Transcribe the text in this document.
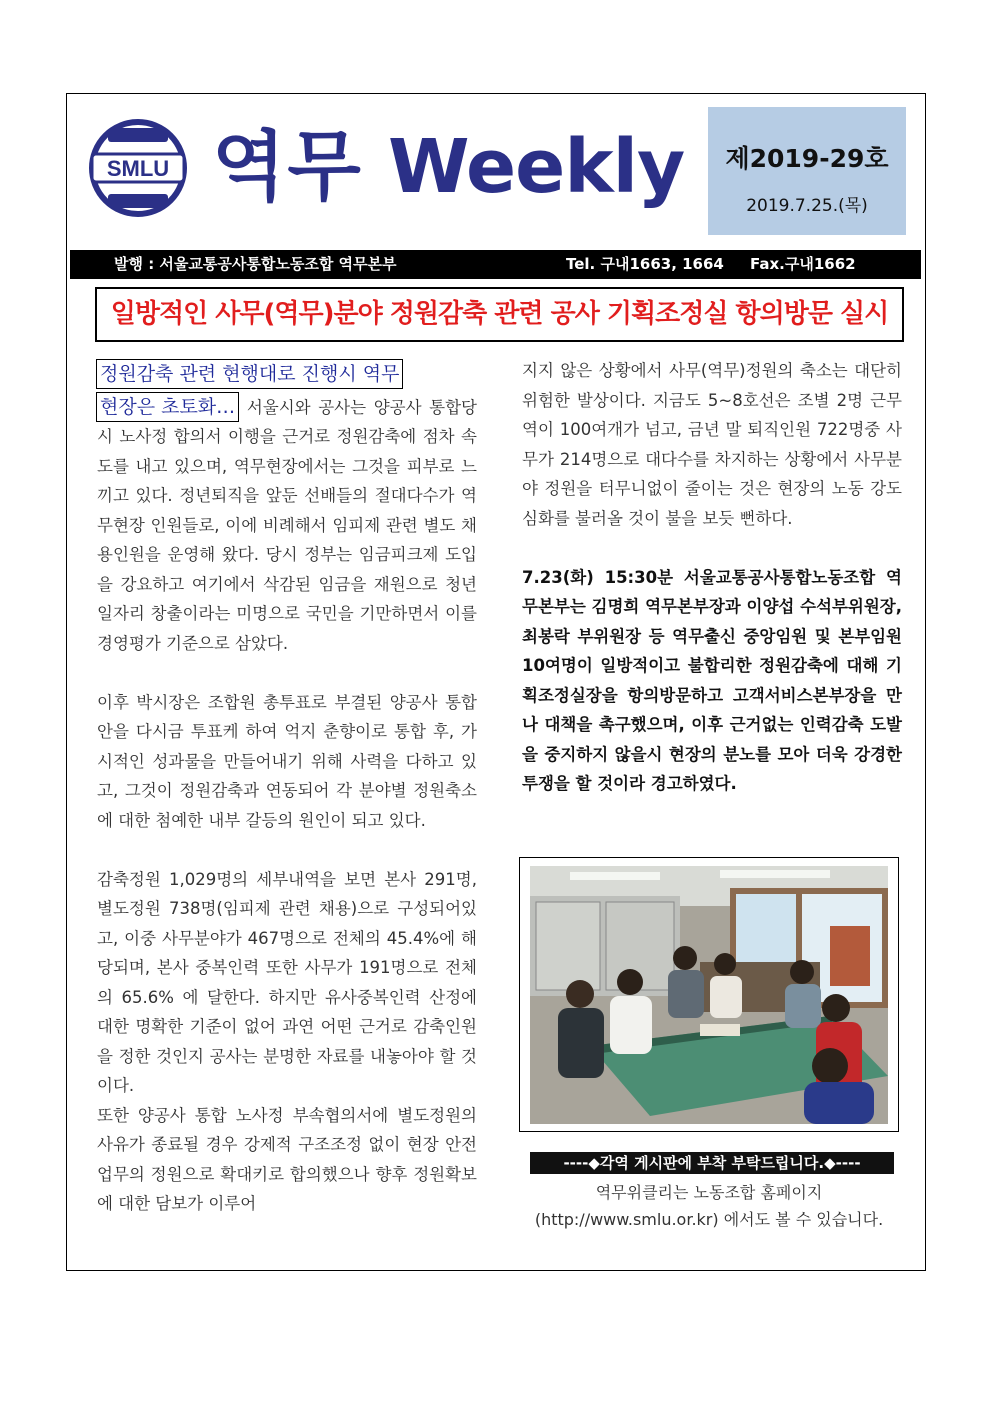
SMLU 역무 Weekly	제2019-29호
2019.7.25.(목)
발행 : 서울교통공사통합노동조합 역무본부	Tel. 구내1663, 1664     Fax.구내1662
일방적인 사무(역무)분야 정원감축 관련 공사 기획조정실 항의방문 실시
정원감축 관련 현행대로 진행시 역무
현장은 초토화… 서울시와 공사는 양공사 통합당시 노사정 합의서 이행을 근거로 정원감축에 점차 속도를 내고 있으며, 역무현장에서는 그것을 피부로 느끼고 있다. 정년퇴직을 앞둔 선배들의 절대다수가 역무현장 인원들로, 이에 비례해서 임피제 관련 별도 채용인원을 운영해 왔다. 당시 정부는 임금피크제 도입을 강요하고 여기에서 삭감된 임금을 재원으로 청년일자리 창출이라는 미명으로 국민을 기만하면서 이를 경영평가 기준으로 삼았다.

이후 박시장은 조합원 총투표로 부결된 양공사 통합 안을 다시금 투표케 하여 억지 춘향이로 통합 후, 가시적인 성과물을 만들어내기 위해 사력을 다하고 있고, 그것이 정원감축과 연동되어 각 분야별 정원축소에 대한 첨예한 내부 갈등의 원인이 되고 있다.

감축정원 1,029명의 세부내역을 보면 본사 291명, 별도정원 738명(임피제 관련 채용)으로 구성되어있고, 이중 사무분야가 467명으로 전체의 45.4%에 해당되며, 본사 중복인력 또한 사무가 191명으로 전체의 65.6% 에 달한다. 하지만 유사중복인력 산정에 대한 명확한 기준이 없어 과연 어떤 근거로 감축인원을 정한 것인지 공사는 분명한 자료를 내놓아야 할 것이다.

또한 양공사 통합 노사정 부속협의서에 별도정원의 사유가 종료될 경우 강제적 구조조정 없이 현장 안전업무의 정원으로 확대키로 합의했으나 향후 정원확보에 대한 담보가 이루어

지지 않은 상황에서 사무(역무)정원의 축소는 대단히 위험한 발상이다. 지금도 5~8호선은 조별 2명 근무역이 100여개가 넘고, 금년 말 퇴직인원 722명중 사무가 214명으로 대다수를 차지하는 상황에서 사무분야 정원을 터무니없이 줄이는 것은 현장의 노동 강도 심화를 불러올 것이 불을 보듯 뻔하다.

7.23(화) 15:30분 서울교통공사통합노동조합 역무본부는 김명희 역무본부장과 이양섭 수석부위원장, 최봉락 부위원장 등 역무출신 중앙임원 및 본부임원 10여명이 일방적이고 불합리한 정원감축에 대해 기획조정실장을 항의방문하고 고객서비스본부장을 만나 대책을 촉구했으며, 이후 근거없는 인력감축 도발을 중지하지 않을시 현장의 분노를 모아 더욱 강경한 투쟁을 할 것이라 경고하였다.

----◆각역 게시판에 부착 부탁드립니다.◆----
역무위클리는 노동조합 홈페이지
(http://www.smlu.or.kr) 에서도 볼 수 있습니다.
